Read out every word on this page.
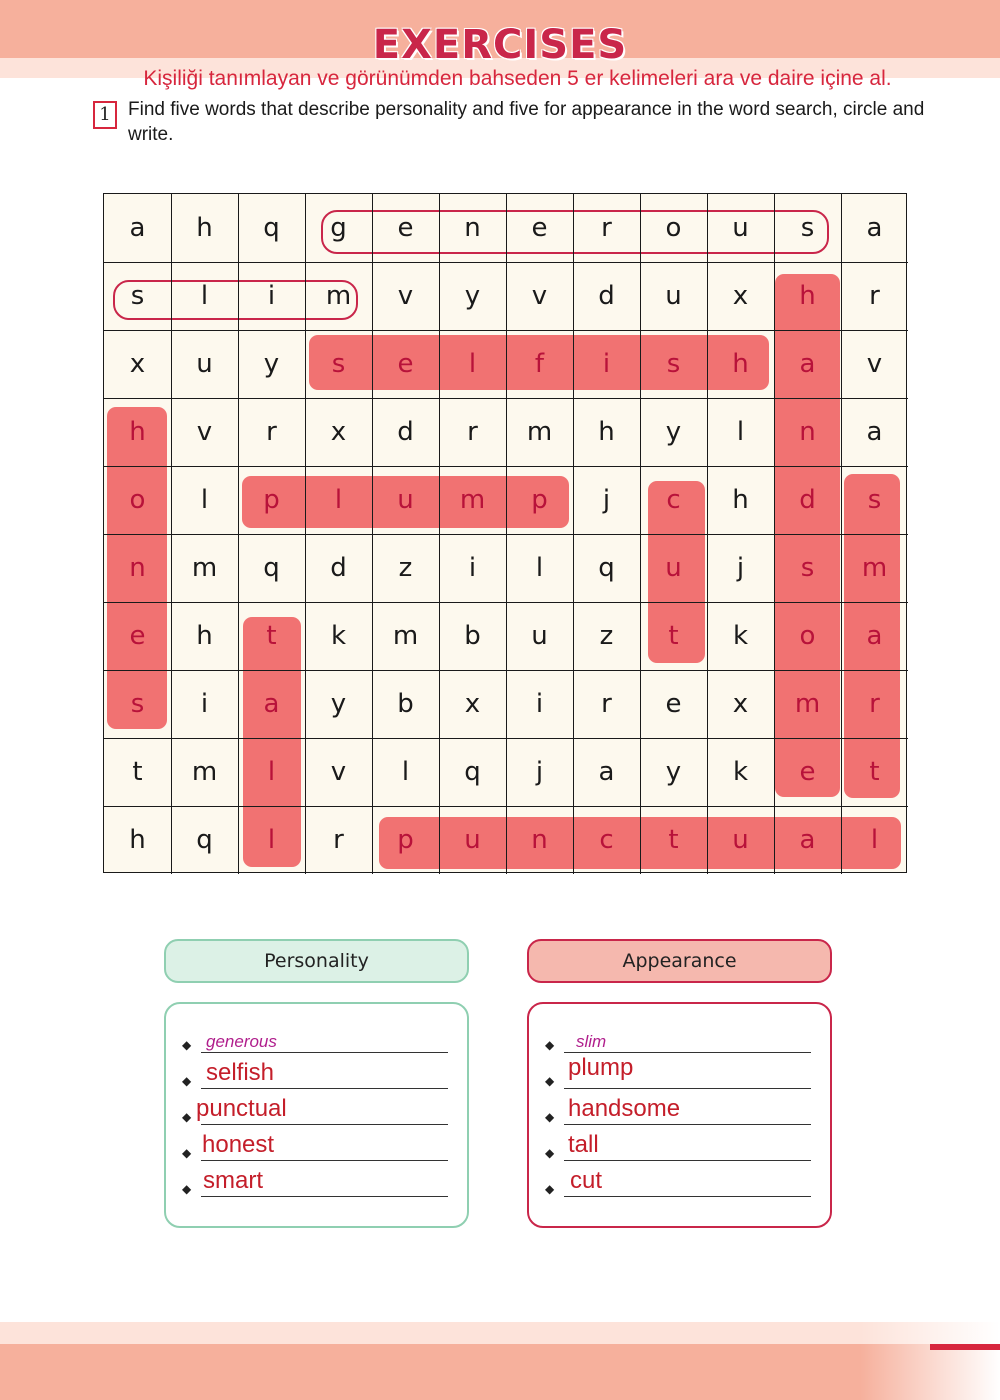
EXERCISES
Kişiliği tanımlayan ve görünümden bahseden 5 er kelimeleri ara ve daire içine al.
1 Find five words that describe personality and five for appearance in the word search, circle and write.
a	h	q	g	e	n	e	r	o	u	s	a
s	l	i	m	v	y	v	d	u	x	h	r
x	u	y	s	e	l	f	i	s	h	a	v
h	v	r	x	d	r	m	h	y	l	n	a
o	l	p	l	u	m	p	j	c	h	d	s
n	m	q	d	z	i	l	q	u	j	s	m
e	h	t	k	m	b	u	z	t	k	o	a
s	i	a	y	b	x	i	r	e	x	m	r
t	m	l	v	l	q	j	a	y	k	e	t
h	q	l	r	p	u	n	c	t	u	a	l
Personality	Appearance
◆ generous
◆ selfish
◆ punctual
◆ honest
◆ smart
◆ slim
◆ plump
◆ handsome
◆ tall
◆ cut
